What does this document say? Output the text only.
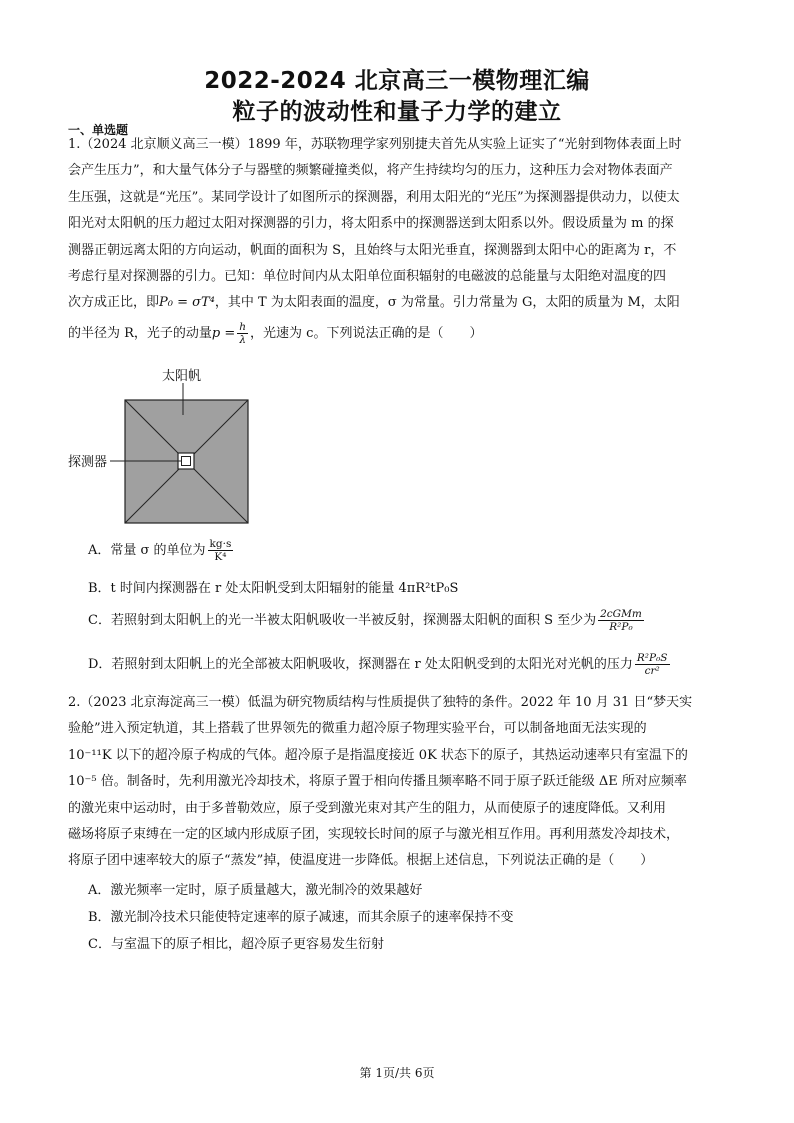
2022-2024 北京高三一模物理汇编
粒子的波动性和量子力学的建立
一、单选题
1.（2024 北京顺义高三一模）1899 年，苏联物理学家列别捷夫首先从实验上证实了“光射到物体表面上时
会产生压力”，和大量气体分子与器壁的频繁碰撞类似，将产生持续均匀的压力，这种压力会对物体表面产
生压强，这就是“光压”。某同学设计了如图所示的探测器，利用太阳光的“光压”为探测器提供动力，以使太
阳光对太阳帆的压力超过太阳对探测器的引力，将太阳系中的探测器送到太阳系以外。假设质量为 m 的探
测器正朝远离太阳的方向运动，帆面的面积为 S，且始终与太阳光垂直，探测器到太阳中心的距离为 r，不
考虑行星对探测器的引力。已知：单位时间内从太阳单位面积辐射的电磁波的总能量与太阳绝对温度的四
次方成正比，即P₀ = σT⁴，其中 T 为太阳表面的温度，σ 为常量。引力常量为 G，太阳的质量为 M，太阳
的半径为 R，光子的动量$p = \frac{h}{\lambda}$ ，光速为 c。下列说法正确的是（　　）
太阳帆
探测器
A．常量 σ 的单位为 $\frac{kg\cdot s}{\text{K⁴}}$
B．t 时间内探测器在 r 处太阳帆受到太阳辐射的能量 4πR²tP₀S
C．若照射到太阳帆上的光一半被太阳帆吸收一半被反射，探测器太阳帆的面积 S 至少为 $\frac{\text{2cGMm}}{\text{R²P₀}}$
D．若照射到太阳帆上的光全部被太阳帆吸收，探测器在 r 处太阳帆受到的太阳光对光帆的压力 $\frac{\text{R²P₀S}}{\text{cr²}}$
2.（2023 北京海淀高三一模）低温为研究物质结构与性质提供了独特的条件。2022 年 10 月 31 日“梦天实
验舱”进入预定轨道，其上搭载了世界领先的微重力超冷原子物理实验平台，可以制备地面无法实现的
10⁻¹¹K 以下的超冷原子构成的气体。超冷原子是指温度接近 0K 状态下的原子，其热运动速率只有室温下的
10⁻⁵ 倍。制备时，先利用激光冷却技术，将原子置于相向传播且频率略不同于原子跃迁能级 ΔE 所对应频率
的激光束中运动时，由于多普勒效应，原子受到激光束对其产生的阻力，从而使原子的速度降低。又利用
磁场将原子束缚在一定的区域内形成原子团，实现较长时间的原子与激光相互作用。再利用蒸发冷却技术，
将原子团中速率较大的原子“蒸发”掉，使温度进一步降低。根据上述信息，下列说法正确的是（　　）
A．激光频率一定时，原子质量越大，激光制冷的效果越好
B．激光制冷技术只能使特定速率的原子减速，而其余原子的速率保持不变
C．与室温下的原子相比，超冷原子更容易发生衍射
第 1页/共 6页
